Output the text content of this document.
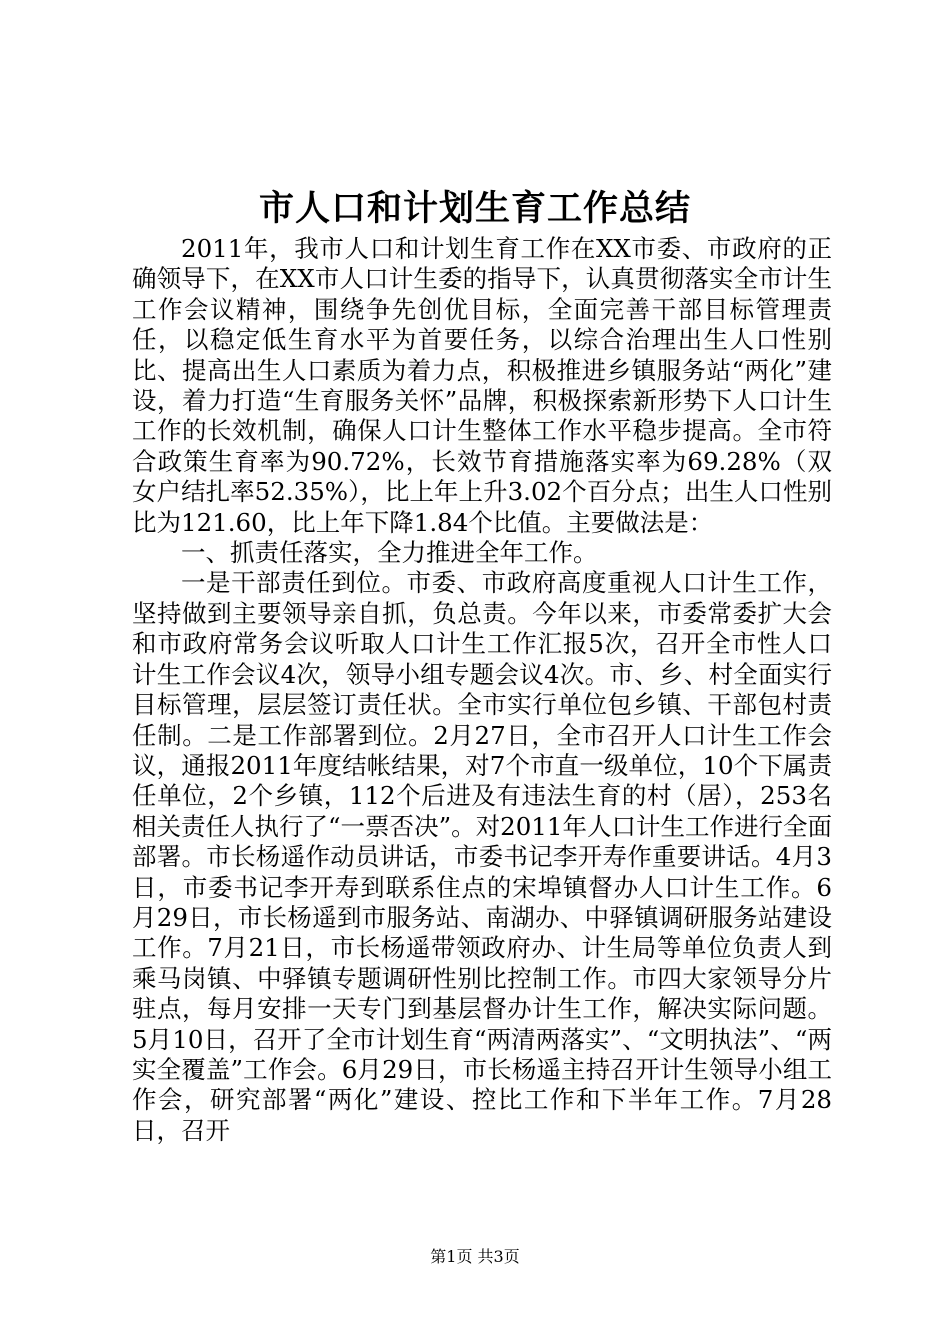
市人口和计划生育工作总结

2011年，我市人口和计划生育工作在XX市委、市政府的正确领导下，在XX市人口计生委的指导下，认真贯彻落实全市计生工作会议精神，围绕争先创优目标，全面完善干部目标管理责任，以稳定低生育水平为首要任务，以综合治理出生人口性别比、提高出生人口素质为着力点，积极推进乡镇服务站“两化”建设，着力打造“生育服务关怀”品牌，积极探索新形势下人口计生工作的长效机制，确保人口计生整体工作水平稳步提高。全市符合政策生育率为90.72%，长效节育措施落实率为69.28%（双女户结扎率52.35%），比上年上升3.02个百分点；出生人口性别比为121.60，比上年下降1.84个比值。主要做法是：

一、抓责任落实，全力推进全年工作。

一是干部责任到位。市委、市政府高度重视人口计生工作，坚持做到主要领导亲自抓，负总责。今年以来，市委常委扩大会和市政府常务会议听取人口计生工作汇报5次，召开全市性人口计生工作会议4次，领导小组专题会议4次。市、乡、村全面实行目标管理，层层签订责任状。全市实行单位包乡镇、干部包村责任制。二是工作部署到位。2月27日，全市召开人口计生工作会议，通报2011年度结帐结果，对7个市直一级单位，10个下属责任单位，2个乡镇，112个后进及有违法生育的村（居），253名相关责任人执行了“一票否决”。对2011年人口计生工作进行全面部署。市长杨遥作动员讲话，市委书记李开寿作重要讲话。4月3日，市委书记李开寿到联系住点的宋埠镇督办人口计生工作。6月29日，市长杨遥到市服务站、南湖办、中驿镇调研服务站建设工作。7月21日，市长杨遥带领政府办、计生局等单位负责人到乘马岗镇、中驿镇专题调研性别比控制工作。市四大家领导分片驻点，每月安排一天专门到基层督办计生工作，解决实际问题。5月10日，召开了全市计划生育“两清两落实”、“文明执法”、“两实全覆盖”工作会。6月29日，市长杨遥主持召开计生领导小组工作会，研究部署“两化”建设、控比工作和下半年工作。7月28日，召开

第1页 共3页
